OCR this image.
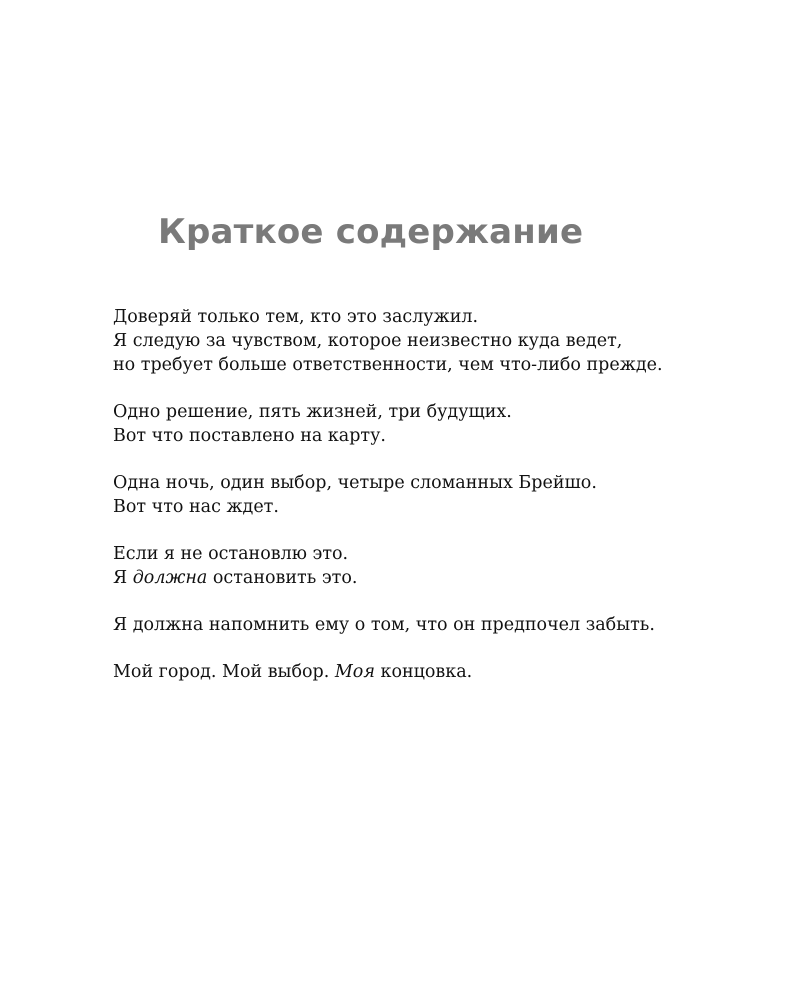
Краткое содержание

Доверяй только тем, кто это заслужил.
Я следую за чувством, которое неизвестно куда ведет,
но требует больше ответственности, чем что-либо прежде.

Одно решение, пять жизней, три будущих.
Вот что поставлено на карту.

Одна ночь, один выбор, четыре сломанных Брейшо.
Вот что нас ждет.

Если я не остановлю это.
Я должна остановить это.

Я должна напомнить ему о том, что он предпочел забыть.

Мой город. Мой выбор. Моя концовка.
